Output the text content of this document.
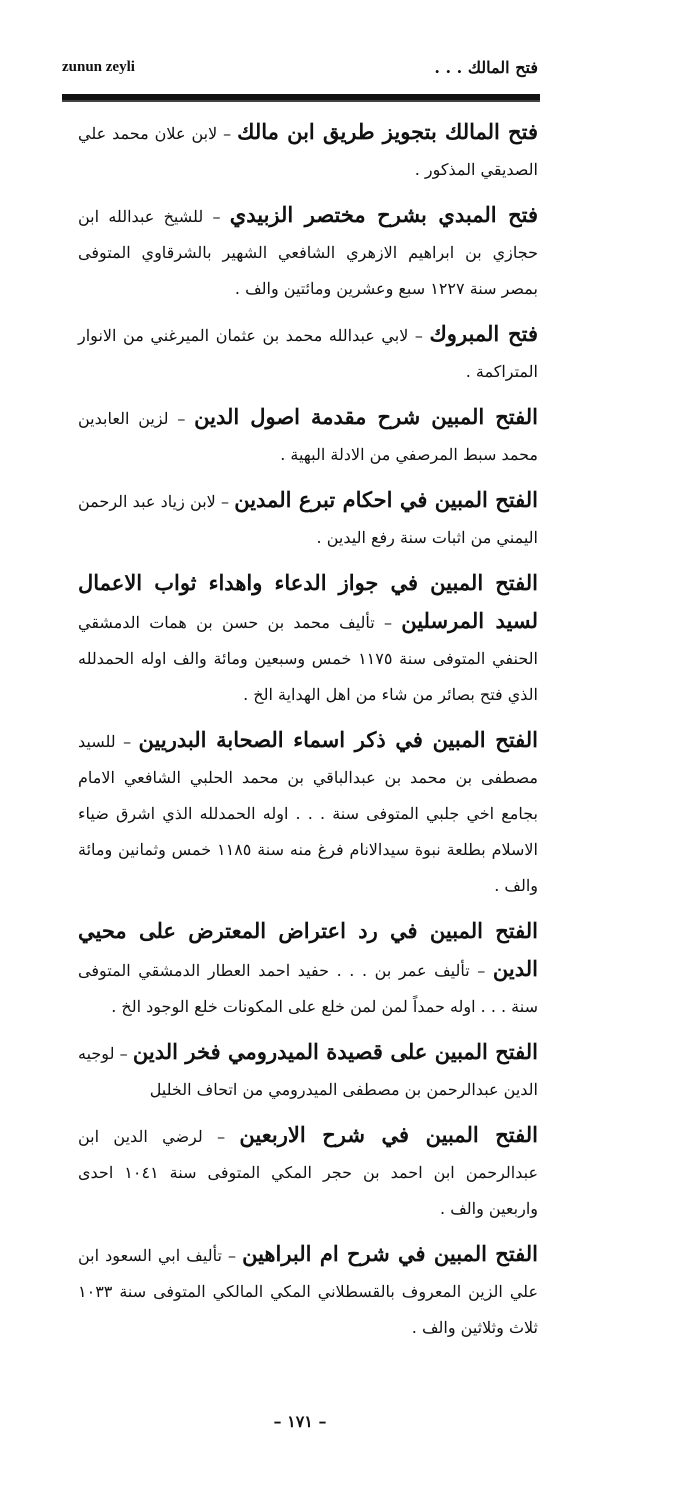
zunun zeyli	فتح المالك . . .

فتح المالك بتجويز طريق ابن مالك – لابن علان محمد علي الصديقي المذكور .

فتح المبدي بشرح مختصر الزبيدي – للشيخ عبدالله ابن حجازي بن ابراهيم الازهري الشافعي الشهير بالشرقاوي المتوفى بمصر سنة ١٢٢٧ سبع وعشرين ومائتين والف .

فتح المبروك – لابي عبدالله محمد بن عثمان الميرغني من الانوار المتراكمة .

الفتح المبين شرح مقدمة اصول الدين – لزين العابدين محمد سبط المرصفي من الادلة البهية .

الفتح المبين في احكام تبرع المدين – لابن زياد عبد الرحمن اليمني من اثبات سنة رفع اليدين .

الفتح المبين في جواز الدعاء واهداء ثواب الاعمال لسيد المرسلين – تأليف محمد بن حسن بن همات الدمشقي الحنفي المتوفى سنة ١١٧٥ خمس وسبعين ومائة والف اوله الحمدلله الذي فتح بصائر من شاء من اهل الهداية الخ .

الفتح المبين في ذكر اسماء الصحابة البدريين – للسيد مصطفى بن محمد بن عبدالباقي بن محمد الحلبي الشافعي الامام بجامع اخي جلبي المتوفى سنة . . . اوله الحمدلله الذي اشرق ضياء الاسلام بطلعة نبوة سيدالانام فرغ منه سنة ١١٨٥ خمس وثمانين ومائة والف .

الفتح المبين في رد اعتراض المعترض على محيي الدين – تأليف عمر بن . . . حفيد احمد العطار الدمشقي المتوفى سنة . . . اوله حمداً لمن لمن خلع على المكونات خلع الوجود الخ .

الفتح المبين على قصيدة الميدرومي فخر الدين – لوجيه الدين عبدالرحمن بن مصطفى الميدرومي من اتحاف الخليل

الفتح المبين في شرح الاربعين – لرضي الدين ابن عبدالرحمن ابن احمد بن حجر المكي المتوفى سنة ١٠٤١ احدى واربعين والف .

الفتح المبين في شرح ام البراهين – تأليف ابي السعود ابن علي الزين المعروف بالقسطلاني المكي المالكي المتوفى سنة ١٠٣٣ ثلاث وثلاثين والف .

– ١٧١ –
